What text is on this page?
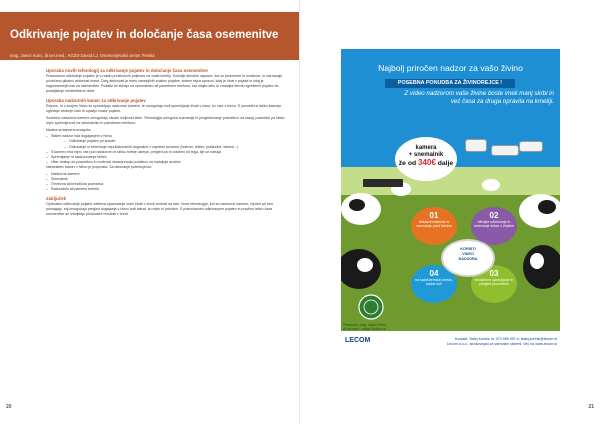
Odkrivanje pojatev in določanje časa osemenitve
mag. Janez Kunc, dr.vet.med., KGZS-Zavod LJ, Osemenjevalni center Preska
Uporaba novih tehnologij za odkrivanje pojatev in določanje časa osemenitve

Pravočasno odkrivanje pojatev je v rokah preizkusnih prijemov na vsaki kmetiji. Koristijo številne naprave, kot so pedometri in ovratnice, ki zaznavajo povečano gibalno aktivnost krave. Dvig aktivnosti je eden zanesljivih znakov pojatve; sistem rejca opozori, kdaj je žival v pojatvi in kdaj je najprimernejši čas za osemenitev. Podatki se zbirajo na računalniku ali pametnem telefonu, kar olajša delo in zmanjša število zgrešenih pojatev ter podaljšanje medtelitvene dobe.

Uporaba nadzornih kamer za odkrivanje pojatev

Rejcem, ki v svojem hlevu že uporabljajo nadzorne kamere, te omogočajo tudi spremljanje živali v času, ko niso v hlevu. S posnetki si lahko kasneje ogledajo vedenje krav in opazijo znake pojatve.

Sodobne nadzorne kamere omogočajo visoko ločljivost slike. Tehnologija omogoča snemanje in pregledovanje posnetkov za nazaj, posnetke pa lahko rejec spremlja tudi na računalniku in pametnem telefonu.

Nadzorna kamera omogoča:

– Stalen nadzor nad dogajanjem v hlevu
– Odkrivanje pojatev pri kravah
– Odkrivanje in reševanje nepričakovanih dogodkov v zaprtem prostoru (bolezni, telitev, poškodbe, tatvine...)
– S kamero ima rejec vse pod nadzorom in lahko hitreje ukrepa, pregled pa ni odvisen od tega, kje se nahaja
– Spremljanje in nadzorovanje telitev
– Hiter dostop do posnetkov in možnost shranjevanja podatkov za nadaljnje analize

Namestitev kamer v hlevu je preprosta. Za delovanje potrebujemo:

– Nadzorne kamere
– Snemalnik
– Omrežna ali brezžična povezava
– Računalnik ali pametni telefon
Zaključek

Optimalno odkrivanje pojatev zahteva opazovanje vseh živali v čredi večkrat na dan. Nove tehnologije, kot so nadzorne kamere, rejcem pri tem pomagajo, saj omogočajo pregled dogajanja v hlevu tudi takrat, ko rejec ni prisoten. S pravočasnim odkrivanjem pojatev in pravilno izbiro časa osemenitve se izboljšajo plodnostni rezultati v čredi.

20
Najbolj priročen nadzor za vašo živino
POSEBNA PONUDBA ZA ŽIVINOREJCE !
Z video nadzorom vaše živine boste imeli manj skrbi in več časa za druga opravila na kmetiji.
kamera
+ snemalnik
že od 340€ dalje
01
dokazni material in varovanje pred tatvino
02
hitrejše odkrivanje in reševanje težav z živalmi
03
enostavno upravljanje in pregled posnetkov
04
na kakršnemkoli mestu, kadar koli
KORISTI
VIDEO
NADZORA
Priporoča: mag. Janez Kunc, dr.vet.med., vodja Službe za
LECOM	Kontakt: Tadej Kortnik m: 070 559 997 e: tadej.kortnik@lecom.si
Lecom d.o.o., strokovnjaki za varnostni sistemi. Več na www.lecom.si
21
